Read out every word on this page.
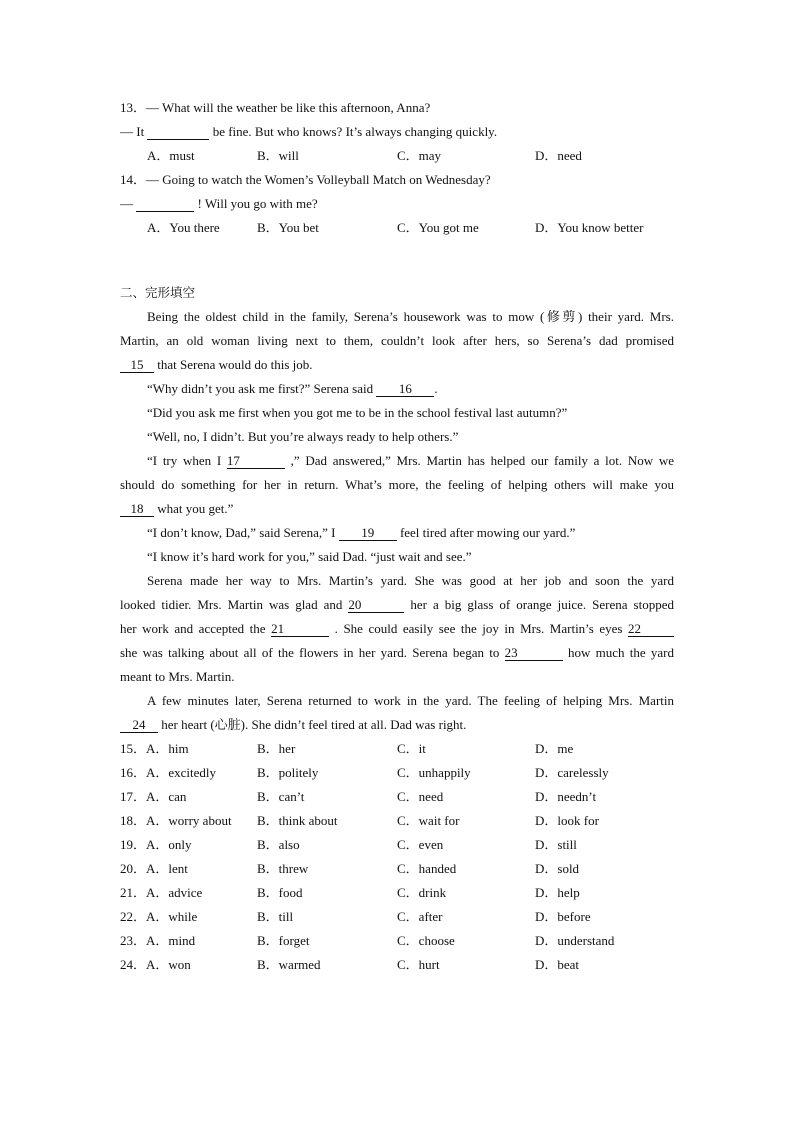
13．— What will the weather be like this afternoon, Anna?
— It	be fine. But who knows? It’s always changing quickly.
A．must	B．will	C．may	D．need
14．— Going to watch the Women’s Volleyball Match on Wednesday?
—	! Will you go with me?
A．You there	B．You bet	C．You got me	D．You know better
二、完形填空
Being the oldest child in the family, Serena’s housework was to mow (修剪) their yard. Mrs.
Martin, an old woman living next to them, couldn’t look after hers, so Serena’s dad promised
15 that Serena would do this job.
“Why didn’t you ask me first?” Serena said 16 .
“Did you ask me first when you got me to be in the school festival last autumn?”
“Well, no, I didn’t. But you’re always ready to help others.”
“I try when I 17	,” Dad answered,” Mrs. Martin has helped our family a lot. Now we
should do something for her in return. What’s more, the feeling of helping others will make you
18 what you get.”
“I don’t know, Dad,” said Serena,” I 19 feel tired after mowing our yard.”
“I know it’s hard work for you,” said Dad. “just wait and see.”
Serena made her way to Mrs. Martin’s yard. She was good at her job and soon the yard
looked tidier. Mrs. Martin was glad and 20	her a big glass of orange juice. Serena stopped
her work and accepted the 21	. She could easily see the joy in Mrs. Martin’s eyes 22
she was talking about all of the flowers in her yard. Serena began to 23	how much the yard
meant to Mrs. Martin.
A few minutes later, Serena returned to work in the yard. The feeling of helping Mrs. Martin
24 her heart (心脏). She didn’t feel tired at all. Dad was right.
15．A．him	B．her	C．it	D．me
16．A．excitedly	B．politely	C．unhappily	D．carelessly
17．A．can	B．can’t	C．need	D．needn’t
18．A．worry about B．think about	C．wait for	D．look for
19．A．only	B．also	C．even	D．still
20．A．lent	B．threw	C．handed	D．sold
21．A．advice	B．food	C．drink	D．help
22．A．while	B．till	C．after	D．before
23．A．mind	B．forget	C．choose	D．understand
24．A．won	B．warmed	C．hurt	D．beat
